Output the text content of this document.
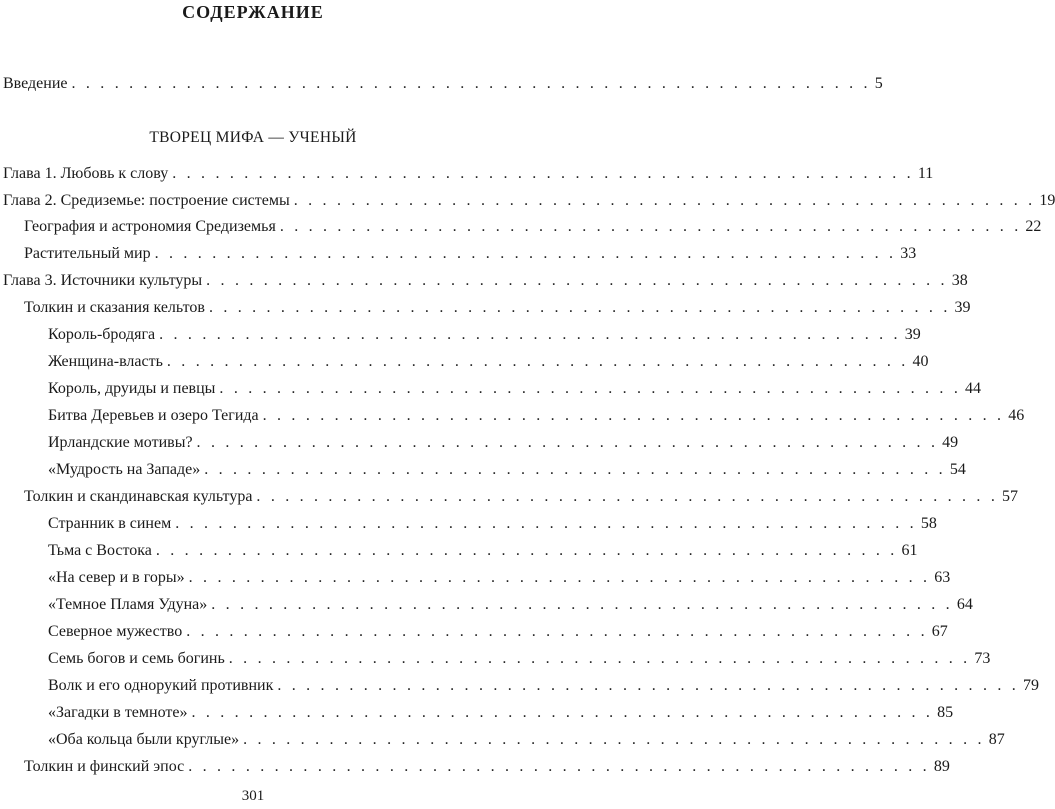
СОДЕРЖАНИЕ
Введение . . . . . . . . . . . . . . . . . . . . . . . . . . . . . . . . . . . . . . . . . . . . . . . . . . . . . . . . 5
ТВОРЕЦ МИФА — УЧЕНЫЙ
Глава 1. Любовь к слову . . . . . . . . . . . . . . . . . . . . . . . . . . . . . . . . . . . . . . . . . . . . . . . . . . . . 11
Глава 2. Средиземье: построение системы . . . . . . . . . . . . . . . . . . . . . . . . . . . . . . . . . . . . . . . . . . . . . . . . . . . . 19
География и астрономия Средиземья . . . . . . . . . . . . . . . . . . . . . . . . . . . . . . . . . . . . . . . . . . . . . . . . . . . . 22
Растительный мир . . . . . . . . . . . . . . . . . . . . . . . . . . . . . . . . . . . . . . . . . . . . . . . . . . . . 33
Глава 3. Источники культуры . . . . . . . . . . . . . . . . . . . . . . . . . . . . . . . . . . . . . . . . . . . . . . . . . . . . 38
Толкин и сказания кельтов . . . . . . . . . . . . . . . . . . . . . . . . . . . . . . . . . . . . . . . . . . . . . . . . . . . . 39
Король-бродяга . . . . . . . . . . . . . . . . . . . . . . . . . . . . . . . . . . . . . . . . . . . . . . . . . . . . 39
Женщина-власть . . . . . . . . . . . . . . . . . . . . . . . . . . . . . . . . . . . . . . . . . . . . . . . . . . . . 40
Король, друиды и певцы . . . . . . . . . . . . . . . . . . . . . . . . . . . . . . . . . . . . . . . . . . . . . . . . . . . . 44
Битва Деревьев и озеро Тегида . . . . . . . . . . . . . . . . . . . . . . . . . . . . . . . . . . . . . . . . . . . . . . . . . . . . 46
Ирландские мотивы? . . . . . . . . . . . . . . . . . . . . . . . . . . . . . . . . . . . . . . . . . . . . . . . . . . . . 49
«Мудрость на Западе» . . . . . . . . . . . . . . . . . . . . . . . . . . . . . . . . . . . . . . . . . . . . . . . . . . . . 54
Толкин и скандинавская культура . . . . . . . . . . . . . . . . . . . . . . . . . . . . . . . . . . . . . . . . . . . . . . . . . . . . 57
Странник в синем . . . . . . . . . . . . . . . . . . . . . . . . . . . . . . . . . . . . . . . . . . . . . . . . . . . . 58
Тьма с Востока . . . . . . . . . . . . . . . . . . . . . . . . . . . . . . . . . . . . . . . . . . . . . . . . . . . . 61
«На север и в горы» . . . . . . . . . . . . . . . . . . . . . . . . . . . . . . . . . . . . . . . . . . . . . . . . . . . . 63
«Темное Пламя Удуна» . . . . . . . . . . . . . . . . . . . . . . . . . . . . . . . . . . . . . . . . . . . . . . . . . . . . 64
Северное мужество . . . . . . . . . . . . . . . . . . . . . . . . . . . . . . . . . . . . . . . . . . . . . . . . . . . . 67
Семь богов и семь богинь . . . . . . . . . . . . . . . . . . . . . . . . . . . . . . . . . . . . . . . . . . . . . . . . . . . . 73
Волк и его однорукий противник . . . . . . . . . . . . . . . . . . . . . . . . . . . . . . . . . . . . . . . . . . . . . . . . . . . . 79
«Загадки в темноте» . . . . . . . . . . . . . . . . . . . . . . . . . . . . . . . . . . . . . . . . . . . . . . . . . . . . 85
«Оба кольца были круглые» . . . . . . . . . . . . . . . . . . . . . . . . . . . . . . . . . . . . . . . . . . . . . . . . . . . . 87
Толкин и финский эпос . . . . . . . . . . . . . . . . . . . . . . . . . . . . . . . . . . . . . . . . . . . . . . . . . . . . 89
301
